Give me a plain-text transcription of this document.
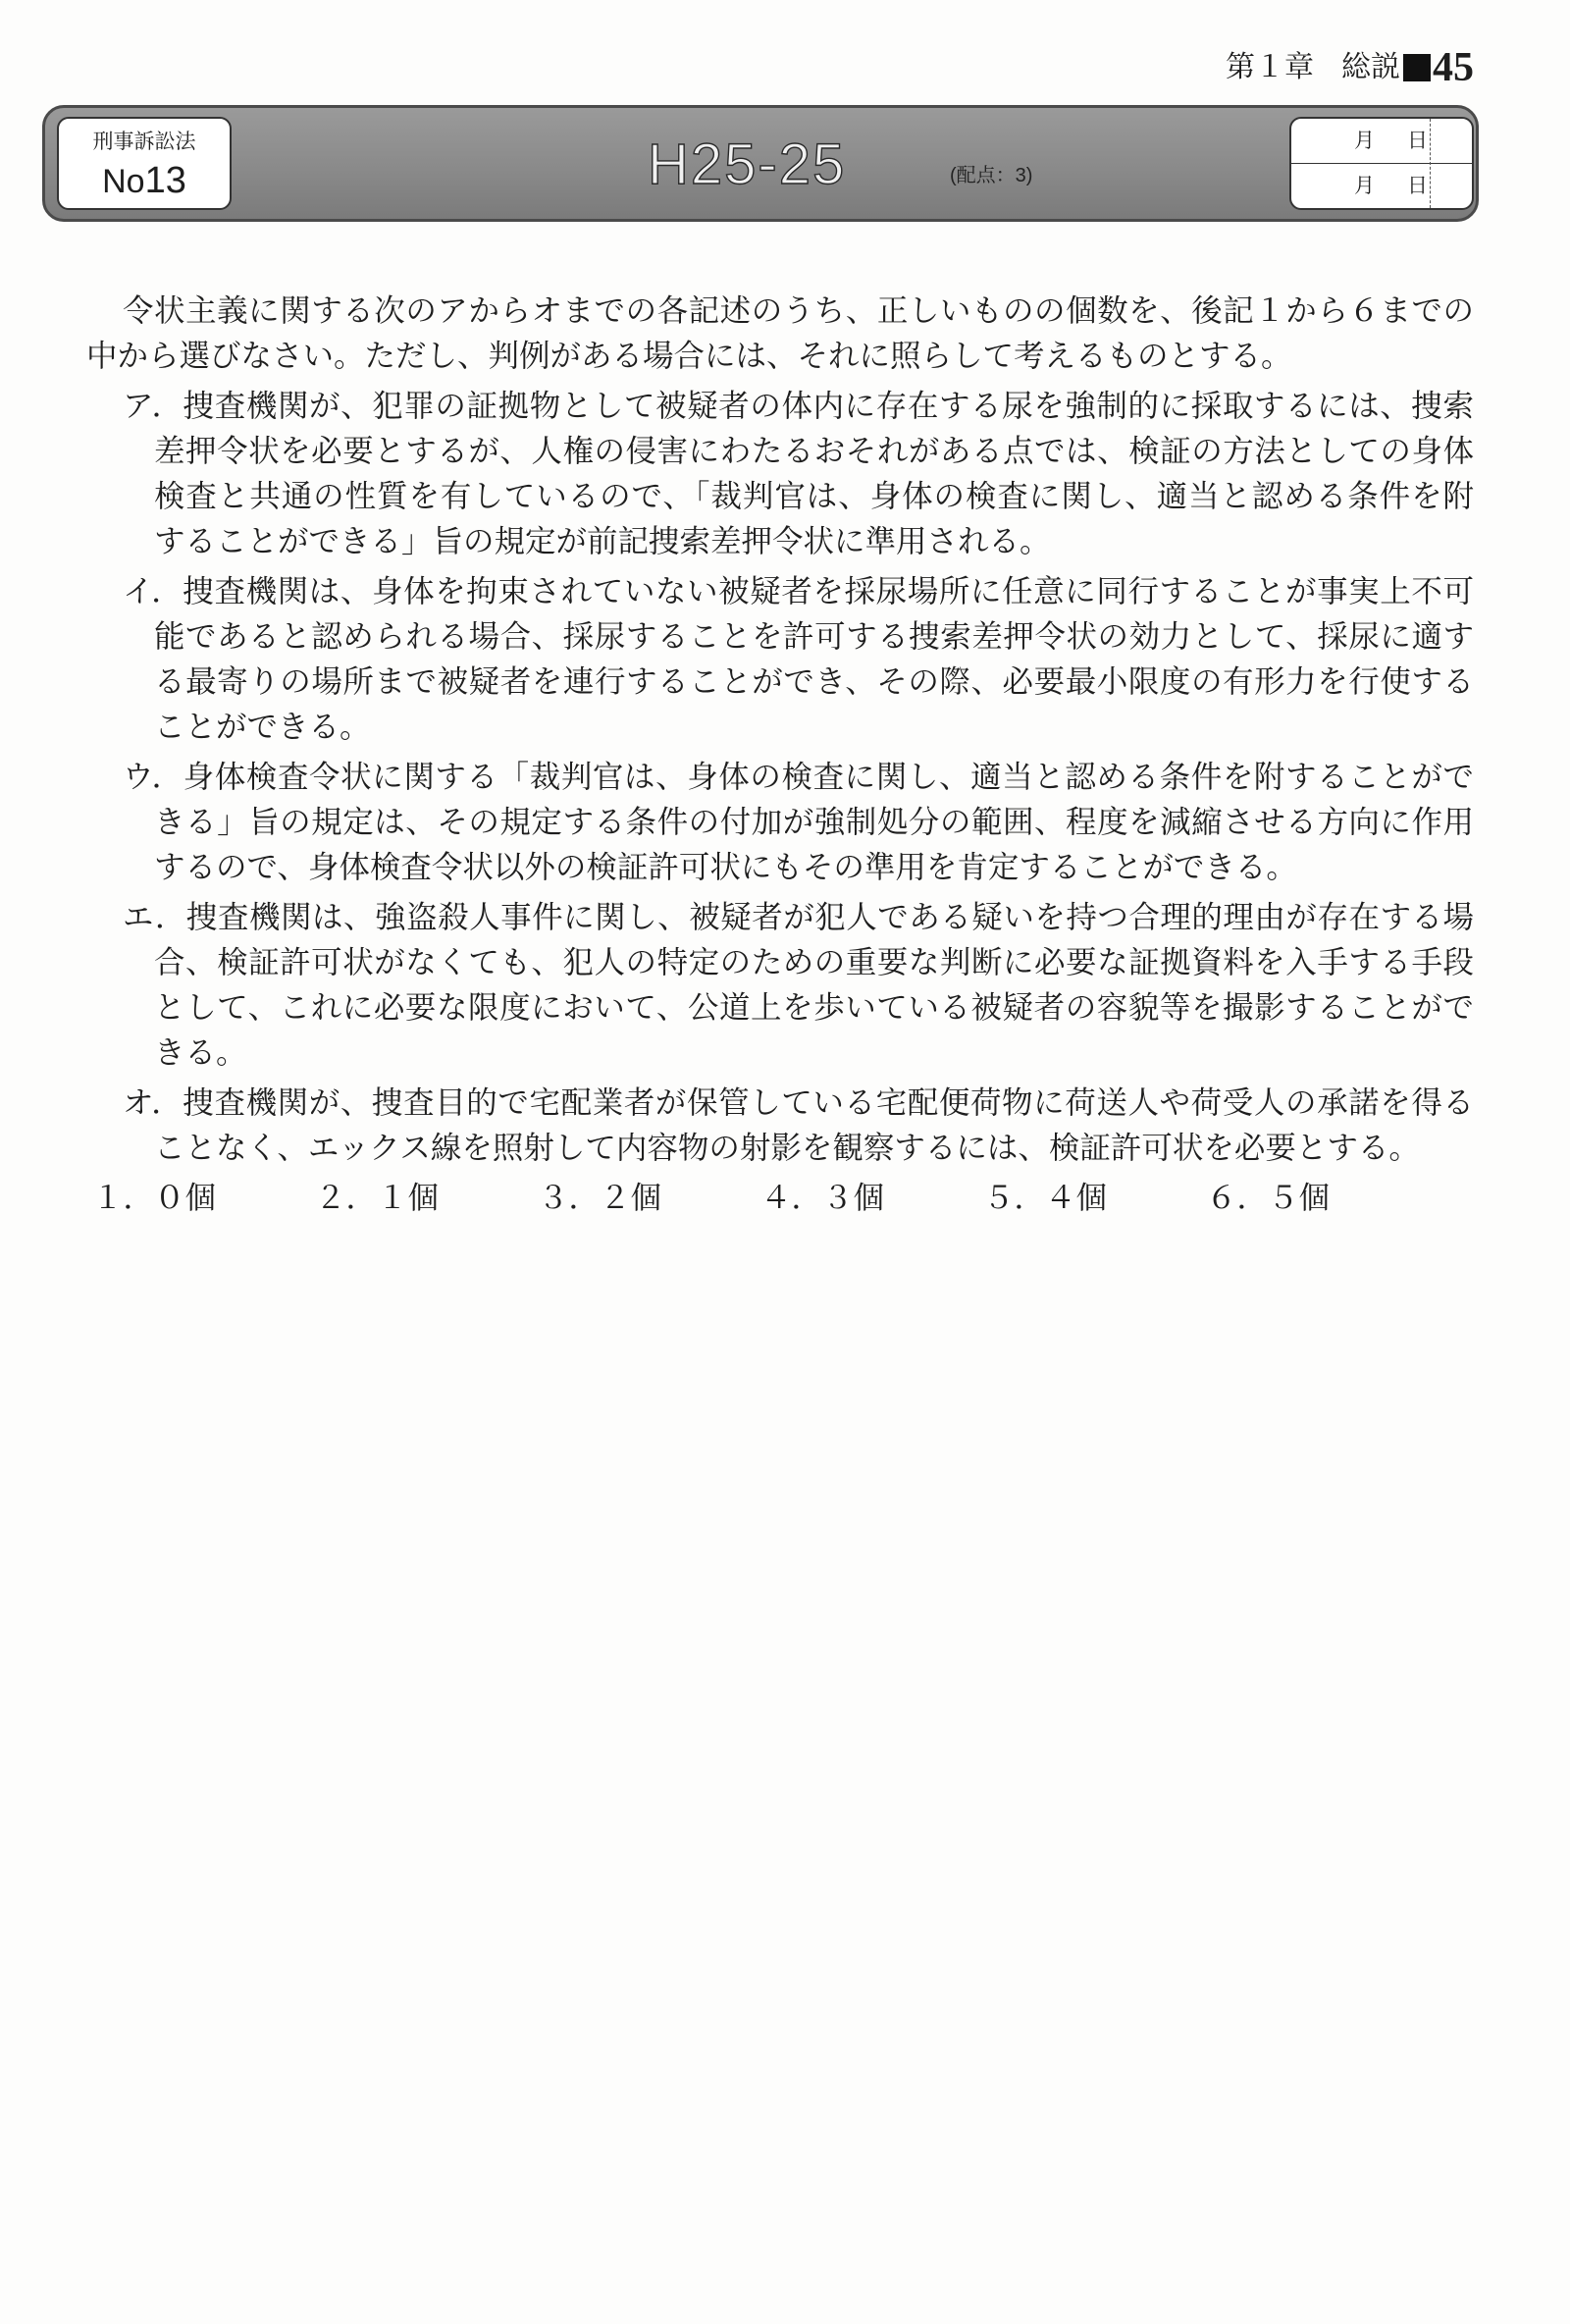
第１章 総説 45
刑事訴訟法
No13	H25-25	(配点：3)
月 日
月 日
令状主義に関する次のアからオまでの各記述のうち、正しいものの個数を、後記１から６までの
中から選びなさい。ただし、判例がある場合には、それに照らして考えるものとする。
ア．捜査機関が、犯罪の証拠物として被疑者の体内に存在する尿を強制的に採取するには、捜索
差押令状を必要とするが、人権の侵害にわたるおそれがある点では、検証の方法としての身体
検査と共通の性質を有しているので、「裁判官は、身体の検査に関し、適当と認める条件を附
することができる」旨の規定が前記捜索差押令状に準用される。
イ．捜査機関は、身体を拘束されていない被疑者を採尿場所に任意に同行することが事実上不可
能であると認められる場合、採尿することを許可する捜索差押令状の効力として、採尿に適す
る最寄りの場所まで被疑者を連行することができ、その際、必要最小限度の有形力を行使する
ことができる。
ウ．身体検査令状に関する「裁判官は、身体の検査に関し、適当と認める条件を附することがで
きる」旨の規定は、その規定する条件の付加が強制処分の範囲、程度を減縮させる方向に作用
するので、身体検査令状以外の検証許可状にもその準用を肯定することができる。
エ．捜査機関は、強盗殺人事件に関し、被疑者が犯人である疑いを持つ合理的理由が存在する場
合、検証許可状がなくても、犯人の特定のための重要な判断に必要な証拠資料を入手する手段
として、これに必要な限度において、公道上を歩いている被疑者の容貌等を撮影することがで
きる。
オ．捜査機関が、捜査目的で宅配業者が保管している宅配便荷物に荷送人や荷受人の承諾を得る
ことなく、エックス線を照射して内容物の射影を観察するには、検証許可状を必要とする。
１．０個	２．１個	３．２個	４．３個	５．４個	６．５個
